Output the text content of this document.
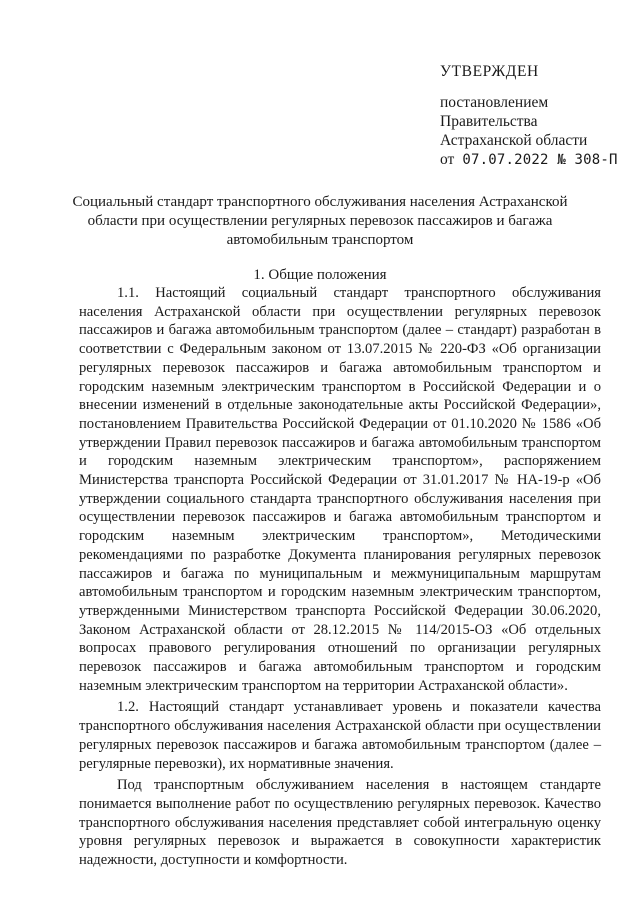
УТВЕРЖДЕН
постановлением
Правительства
Астраханской области
от 07.07.2022 № 308-П
Социальный стандарт транспортного обслуживания населения Астраханской области при осуществлении регулярных перевозок пассажиров и багажа автомобильным транспортом
1. Общие положения

1.1. Настоящий социальный стандарт транспортного обслуживания населения Астраханской области при осуществлении регулярных перевозок пассажиров и багажа автомобильным транспортом (далее – стандарт) разработан в соответствии с Федеральным законом от 13.07.2015 № 220-ФЗ «Об организации регулярных перевозок пассажиров и багажа автомобильным транспортом и городским наземным электрическим транспортом в Российской Федерации и о внесении изменений в отдельные законодательные акты Российской Федерации», постановлением Правительства Российской Федерации от 01.10.2020 № 1586 «Об утверждении Правил перевозок пассажиров и багажа автомобильным транспортом и городским наземным электрическим транспортом», распоряжением Министерства транспорта Российской Федерации от 31.01.2017 № НА-19-р «Об утверждении социального стандарта транспортного обслуживания населения при осуществлении перевозок пассажиров и багажа автомобильным транспортом и городским наземным электрическим транспортом», Методическими рекомендациями по разработке Документа планирования регулярных перевозок пассажиров и багажа по муниципальным и межмуниципальным маршрутам автомобильным транспортом и городским наземным электрическим транспортом, утвержденными Министерством транспорта Российской Федерации 30.06.2020, Законом Астраханской области от 28.12.2015 № 114/2015-ОЗ «Об отдельных вопросах правового регулирования отношений по организации регулярных перевозок пассажиров и багажа автомобильным транспортом и городским наземным электрическим транспортом на территории Астраханской области».

1.2. Настоящий стандарт устанавливает уровень и показатели качества транспортного обслуживания населения Астраханской области при осуществлении регулярных перевозок пассажиров и багажа автомобильным транспортом (далее – регулярные перевозки), их нормативные значения.

Под транспортным обслуживанием населения в настоящем стандарте понимается выполнение работ по осуществлению регулярных перевозок. Качество транспортного обслуживания населения представляет собой интегральную оценку уровня регулярных перевозок и выражается в совокупности характеристик надежности, доступности и комфортности.
